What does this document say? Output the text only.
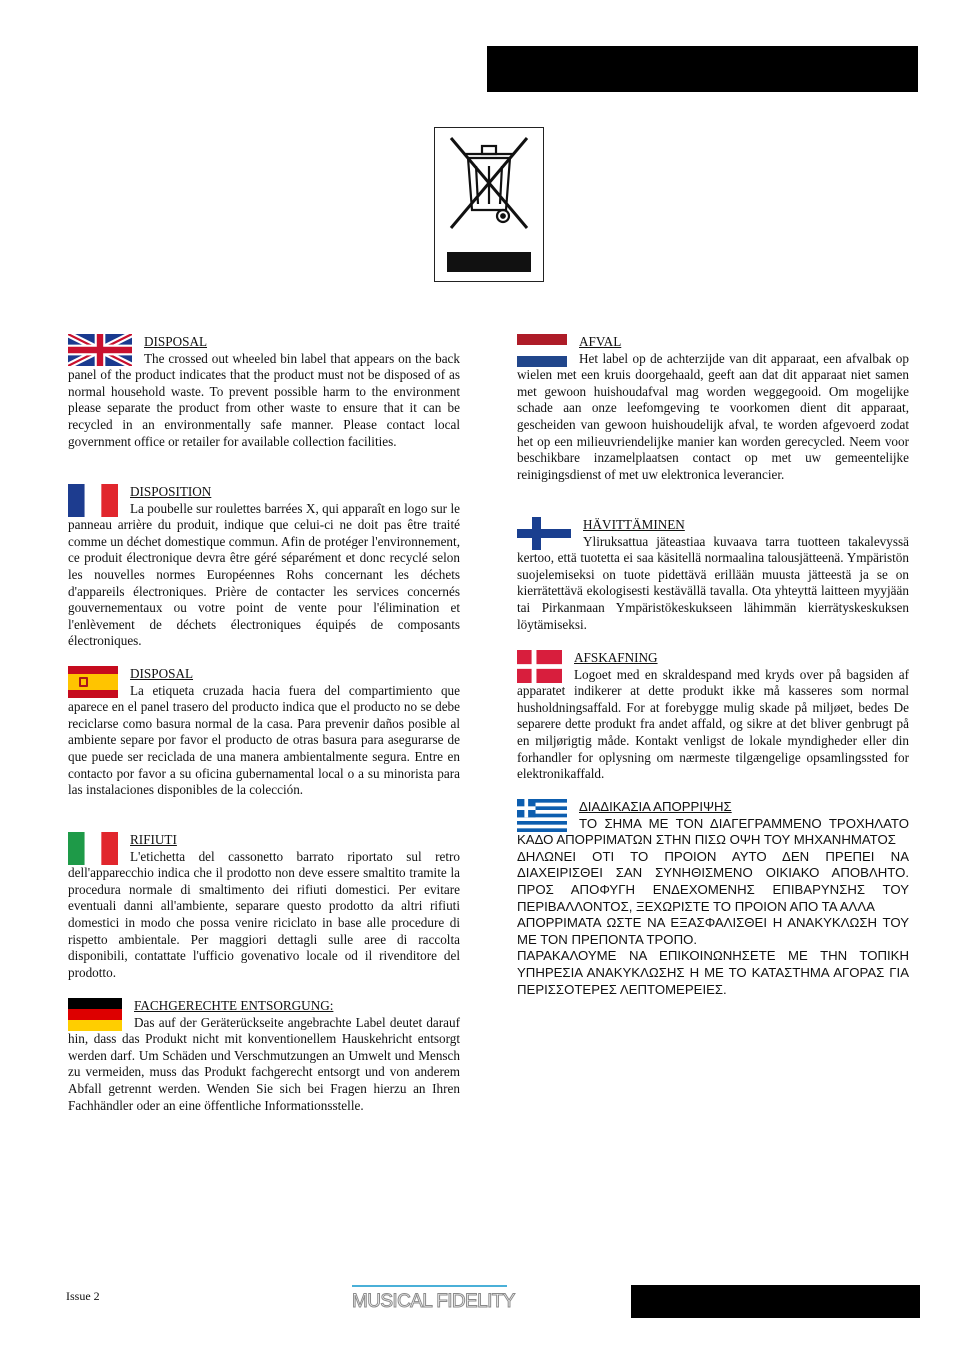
DISPOSAL
The crossed out wheeled bin label that appears on the back panel of the product indicates that the product must not be disposed of as normal household waste. To prevent possible harm to the environment please separate the product from other waste to ensure that it can be recycled in an environmentally safe manner. Please contact local government office or retailer for available collection facilities.
DISPOSITION
La poubelle sur roulettes barrées X, qui apparaît en logo sur le panneau arrière du produit, indique que celui-ci ne doit pas être traité comme un déchet domestique commun. Afin de protéger l'environnement, ce produit électronique devra être géré séparément et donc recyclé selon les nouvelles normes Européennes Rohs concernant les déchets d'appareils électroniques. Prière de contacter les services concernés gouvernementaux ou votre point de vente pour l'élimination et l'enlèvement de déchets électroniques équipés de composants électroniques.
DISPOSAL
La etiqueta cruzada hacia fuera del compartimiento que aparece en el panel trasero del producto indica que el producto no se debe reciclarse como basura normal de la casa. Para prevenir daños posible al ambiente separe por favor el producto de otras basura para asegurarse de que puede ser reciclada de una manera ambientalmente segura. Entre en contacto por favor a su oficina gubernamental local o a su minorista para las instalaciones disponibles de la colección.
RIFIUTI
L'etichetta del cassonetto barrato riportato sul retro dell'apparecchio indica che il prodotto non deve essere smaltito tramite la procedura normale di smaltimento dei rifiuti domestici. Per evitare eventuali danni all'ambiente, separare questo prodotto da altri rifiuti domestici in modo che possa venire riciclato in base alle procedure di rispetto ambientale. Per maggiori dettagli sulle aree di raccolta disponibili, contattate l'ufficio govenativo locale od il rivenditore del prodotto.
FACHGERECHTE ENTSORGUNG:
Das auf der Geräterückseite angebrachte Label deutet darauf hin, dass das Produkt nicht mit konventionellem Hauskehricht entsorgt werden darf. Um Schäden und Verschmutzungen an Umwelt und Mensch zu vermeiden, muss das Produkt fachgerecht entsorgt und von anderem Abfall getrennt werden. Wenden Sie sich bei Fragen hierzu an Ihren Fachhändler oder an eine öffentliche Informationsstelle.
AFVAL
Het label op de achterzijde van dit apparaat, een afvalbak op wielen met een kruis doorgehaald, geeft aan dat dit apparaat niet samen met gewoon huishoudafval mag worden weggegooid. Om mogelijke schade aan onze leefomgeving te voorkomen dient dit apparaat, gescheiden van gewoon huishoudelijk afval, te worden afgevoerd zodat het op een milieuvriendelijke manier kan worden gerecycled. Neem voor beschikbare inzamelplaatsen contact op met uw gemeentelijke reinigingsdienst of met uw elektronica leverancier.
HÄVITTÄMINEN
Yliruksattua jäteastiaa kuvaava tarra tuotteen takalevyssä kertoo, että tuotetta ei saa käsitellä normaalina talousjätteenä. Ympäristön suojelemiseksi on tuote pidettävä erillään muusta jätteestä ja se on kierrätettävä ekologisesti kestävällä tavalla. Ota yhteyttä laitteen myyjään tai Pirkanmaan Ympäristökeskukseen lähimmän kierrätyskeskuksen löytämiseksi.
AFSKAFNING
Logoet med en skraldespand med kryds over på bagsiden af apparatet indikerer at dette produkt ikke må kasseres som normal husholdningsaffald. For at forebygge mulig skade på miljøet, bedes De separere dette produkt fra andet affald, og sikre at det bliver genbrugt på en miljørigtig måde. Kontakt venligst de lokale myndigheder eller din forhandler for oplysning om nærmeste tilgængelige opsamlingssted for elektronikaffald.
ΔΙΑΔΙΚΑΣΙΑ ΑΠΟΡΡΙΨΗΣ
ΤΟ ΣΗΜΑ ΜΕ ΤΟΝ ΔΙΑΓΕΓΡΑΜΜΕΝΟ ΤΡΟΧΗΛΑΤΟ ΚΑΔΟ ΑΠΟΡΡΙΜΑΤΩΝ ΣΤΗΝ ΠΙΣΩ ΟΨΗ ΤΟΥ ΜΗΧΑΝΗΜΑΤΟΣ
ΔΗΛΩΝΕΙ ΟΤΙ ΤΟ ΠΡΟΙΟΝ ΑΥΤΟ ΔΕΝ ΠΡΕΠΕΙ ΝΑ ΔΙΑΧΕΙΡΙΣΘΕΙ ΣΑΝ ΣΥΝΗΘΙΣΜΕΝΟ ΟΙΚΙΑΚΟ ΑΠΟΒΛΗΤΟ. ΠΡΟΣ ΑΠΟΦΥΓΗ ΕΝΔΕΧΟΜΕΝΗΣ ΕΠΙΒΑΡΥΝΣΗΣ ΤΟΥ ΠΕΡΙΒΑΛΛΟΝΤΟΣ, ΞΕΧΩΡΙΣΤΕ ΤΟ ΠΡΟΙΟΝ ΑΠΟ ΤΑ ΑΛΛΑ
ΑΠΟΡΡΙΜΑΤΑ ΩΣΤΕ ΝΑ ΕΞΑΣΦΑΛΙΣΘΕΙ Η ΑΝΑΚΥΚΛΩΣΗ ΤΟΥ ΜΕ ΤΟΝ ΠΡΕΠΟΝΤΑ ΤΡΟΠΟ.
ΠΑΡΑΚΑΛΟΥΜΕ ΝΑ ΕΠΙΚΟΙΝΩΝΗΣΕΤΕ ΜΕ ΤΗΝ ΤΟΠΙΚΗ ΥΠΗΡΕΣΙΑ ΑΝΑΚΥΚΛΩΣΗΣ Η ΜΕ ΤΟ ΚΑΤΑΣΤΗΜΑ ΑΓΟΡΑΣ ΓΙΑ ΠΕΡΙΣΣΟΤΕΡΕΣ ΛΕΠΤΟΜΕΡΕΙΕΣ.
Issue 2	MUSICAL FIDELITY
